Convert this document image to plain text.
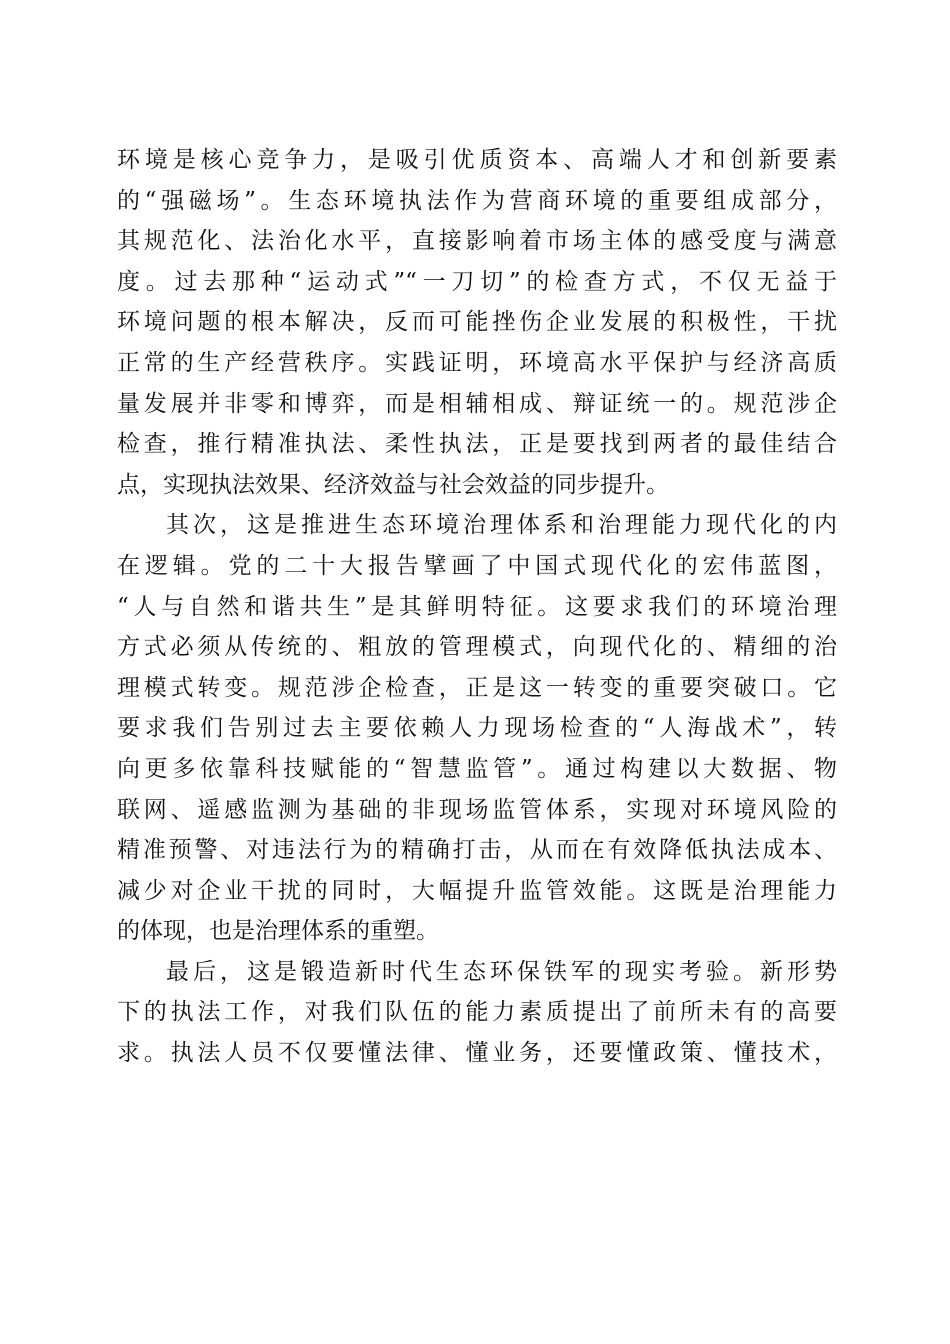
环境是核心竞争力，是吸引优质资本、高端人才和创新要素
的“强磁场”。生态环境执法作为营商环境的重要组成部分，
其规范化、法治化水平，直接影响着市场主体的感受度与满意
度。过去那种“运动式”“一刀切”的检查方式，不仅无益于
环境问题的根本解决，反而可能挫伤企业发展的积极性，干扰
正常的生产经营秩序。实践证明，环境高水平保护与经济高质
量发展并非零和博弈，而是相辅相成、辩证统一的。规范涉企
检查，推行精准执法、柔性执法，正是要找到两者的最佳结合
点，实现执法效果、经济效益与社会效益的同步提升。
其次，这是推进生态环境治理体系和治理能力现代化的内
在逻辑。党的二十大报告擘画了中国式现代化的宏伟蓝图，
“人与自然和谐共生”是其鲜明特征。这要求我们的环境治理
方式必须从传统的、粗放的管理模式，向现代化的、精细的治
理模式转变。规范涉企检查，正是这一转变的重要突破口。它
要求我们告别过去主要依赖人力现场检查的“人海战术”，转
向更多依靠科技赋能的“智慧监管”。通过构建以大数据、物
联网、遥感监测为基础的非现场监管体系，实现对环境风险的
精准预警、对违法行为的精确打击，从而在有效降低执法成本、
减少对企业干扰的同时，大幅提升监管效能。这既是治理能力
的体现，也是治理体系的重塑。
最后，这是锻造新时代生态环保铁军的现实考验。新形势
下的执法工作，对我们队伍的能力素质提出了前所未有的高要
求。执法人员不仅要懂法律、懂业务，还要懂政策、懂技术，
